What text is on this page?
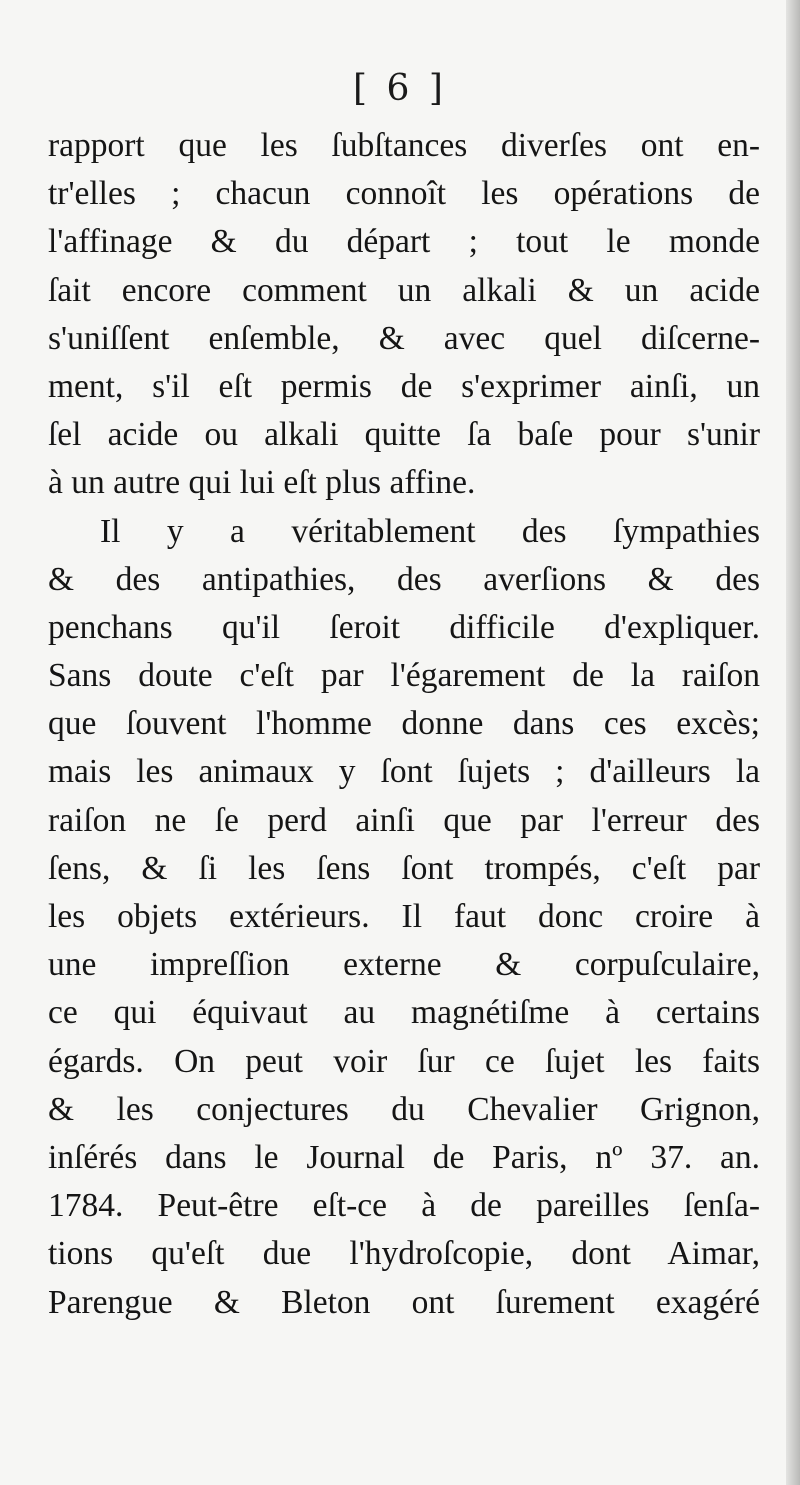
[ 6 ]
rapport que les ſubſtances diverſes ont en-
tr'elles ; chacun connoît les opérations de
l'affinage & du départ ; tout le monde
ſait encore comment un alkali & un acide
s'uniſſent enſemble, & avec quel diſcerne-
ment, s'il eſt permis de s'exprimer ainſi, un
ſel acide ou alkali quitte ſa baſe pour s'unir
à un autre qui lui eſt plus affine.
Il y a véritablement des ſympathies
& des antipathies, des averſions & des
penchans qu'il ſeroit difficile d'expliquer.
Sans doute c'eſt par l'égarement de la raiſon
que ſouvent l'homme donne dans ces excès;
mais les animaux y ſont ſujets ; d'ailleurs la
raiſon ne ſe perd ainſi que par l'erreur des
ſens, & ſi les ſens ſont trompés, c'eſt par
les objets extérieurs. Il faut donc croire à
une impreſſion externe & corpuſculaire,
ce qui équivaut au magnétiſme à certains
égards. On peut voir ſur ce ſujet les faits
& les conjectures du Chevalier Grignon,
inſérés dans le Journal de Paris, nº 37. an.
1784. Peut-être eſt-ce à de pareilles ſenſa-
tions qu'eſt due l'hydroſcopie, dont Aimar,
Parengue & Bleton ont ſurement exagéré
